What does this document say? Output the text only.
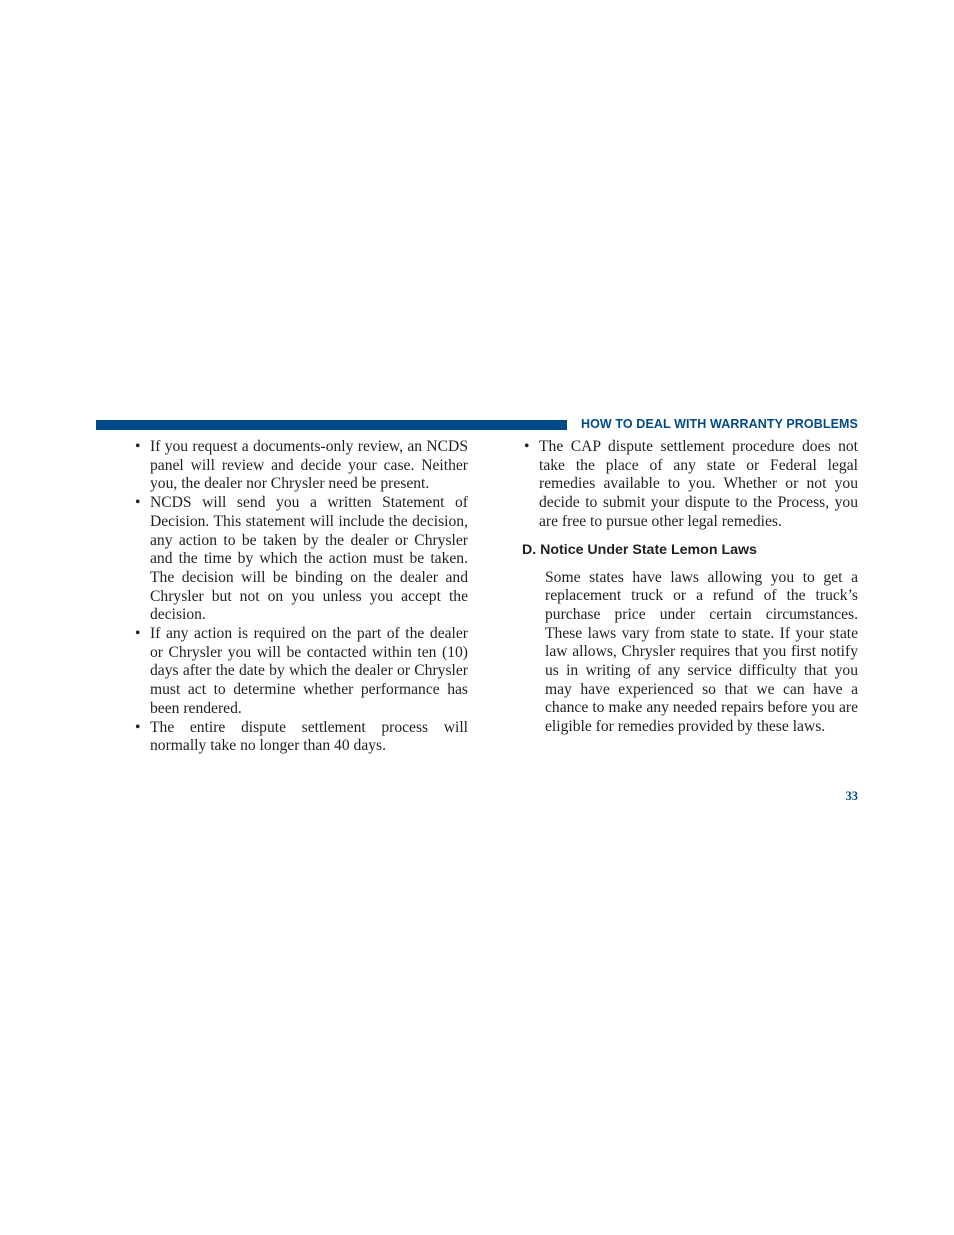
HOW TO DEAL WITH WARRANTY PROBLEMS
• If you request a documents-only review, an NCDS panel will review and decide your case. Neither you, the dealer nor Chrysler need be present.
• NCDS will send you a written Statement of Decision. This statement will include the decision, any action to be taken by the dealer or Chrysler and the time by which the action must be taken. The decision will be binding on the dealer and Chrysler but not on you unless you accept the decision.
• If any action is required on the part of the dealer or Chrysler you will be contacted within ten (10) days after the date by which the dealer or Chrysler must act to determine whether performance has been rendered.
• The entire dispute settlement process will normally take no longer than 40 days.
• The CAP dispute settlement procedure does not take the place of any state or Federal legal remedies available to you. Whether or not you decide to submit your dispute to the Process, you are free to pursue other legal remedies.
D. Notice Under State Lemon Laws
Some states have laws allowing you to get a replacement truck or a refund of the truck’s purchase price under certain circumstances. These laws vary from state to state. If your state law allows, Chrysler requires that you first notify us in writing of any service difficulty that you may have experienced so that we can have a chance to make any needed repairs before you are eligible for remedies provided by these laws.
33
